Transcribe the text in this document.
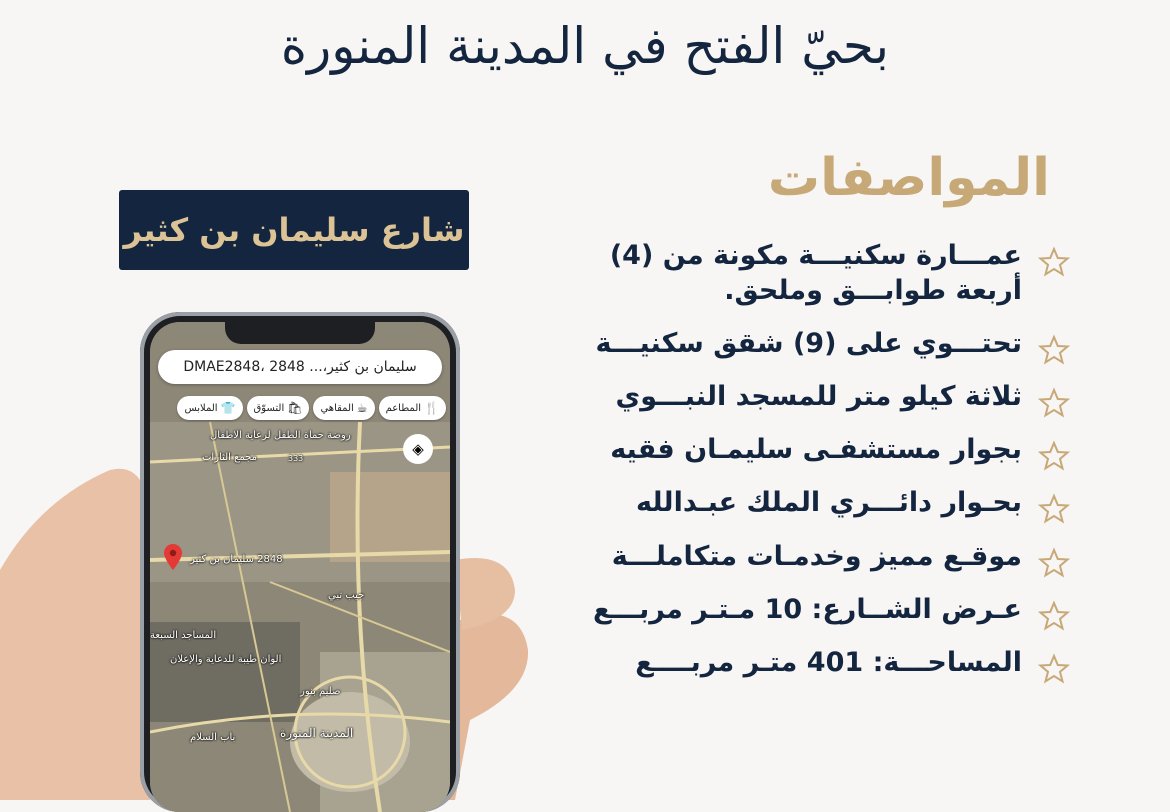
بحيّ الفتح في المدينة المنورة
المواصفات
عمـــارة سكنيـــة مكونة من (4) أربعة طوابـــق وملحق.
تحتـــوي على (9) شقق سكنيـــة
ثلاثة كيلو متر للمسجد النبـــوي
بجوار مستشفـى سليمـان فقيه
بحـوار دائـــري الملك عبـدالله
موقـع مميز وخدمـات متكاملـــة
عـرض الشــارع: 10 مـتـر مربـــع
المساحـــة: 401 متـر مربــــع
شارع سليمان بن كثير
سليمان بن كثير،... DMAE2848، 2848
🍴
المطاعم
☕
المقاهي
🛍
التسوّق
👕
الملابس
◈
روضة حماة الطفل لرعاية الاطفال
مجمع الثارات	333
2848 سليمان بن كثير
جيب تبي
المساجد السبعة
الوان طيبة للدعاية والإعلان
صليم بنور
المدينة المنورة
باب السلام
